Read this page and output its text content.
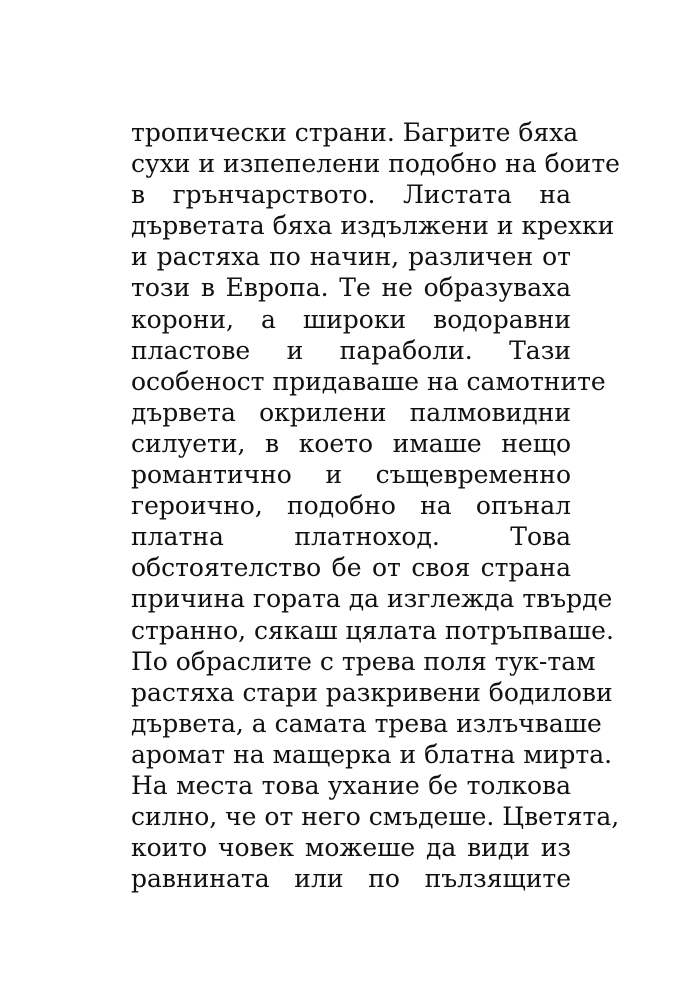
тропически страни. Багрите бяха
сухи и изпепелени подобно на боите
в грънчарството. Листата на
дърветата бяха издължени и крехки
и растяха по начин, различен от
този в Европа. Те не образуваха
корони, а широки водоравни
пластове и параболи. Тази
особеност придаваше на самотните
дървета окрилени палмовидни
силуети, в което имаше нещо
романтично и същевременно
героично, подобно на опънал
платна платноход. Това
обстоятелство бе от своя страна
причина гората да изглежда твърде
странно, сякаш цялата потръпваше.
По обраслите с трева поля тук-там
растяха стари разкривени бодилови
дървета, а самата трева излъчваше
аромат на мащерка и блатна мирта.
На места това ухание бе толкова
силно, че от него смъдеше. Цветята,
които човек можеше да види из
равнината или по пълзящите
